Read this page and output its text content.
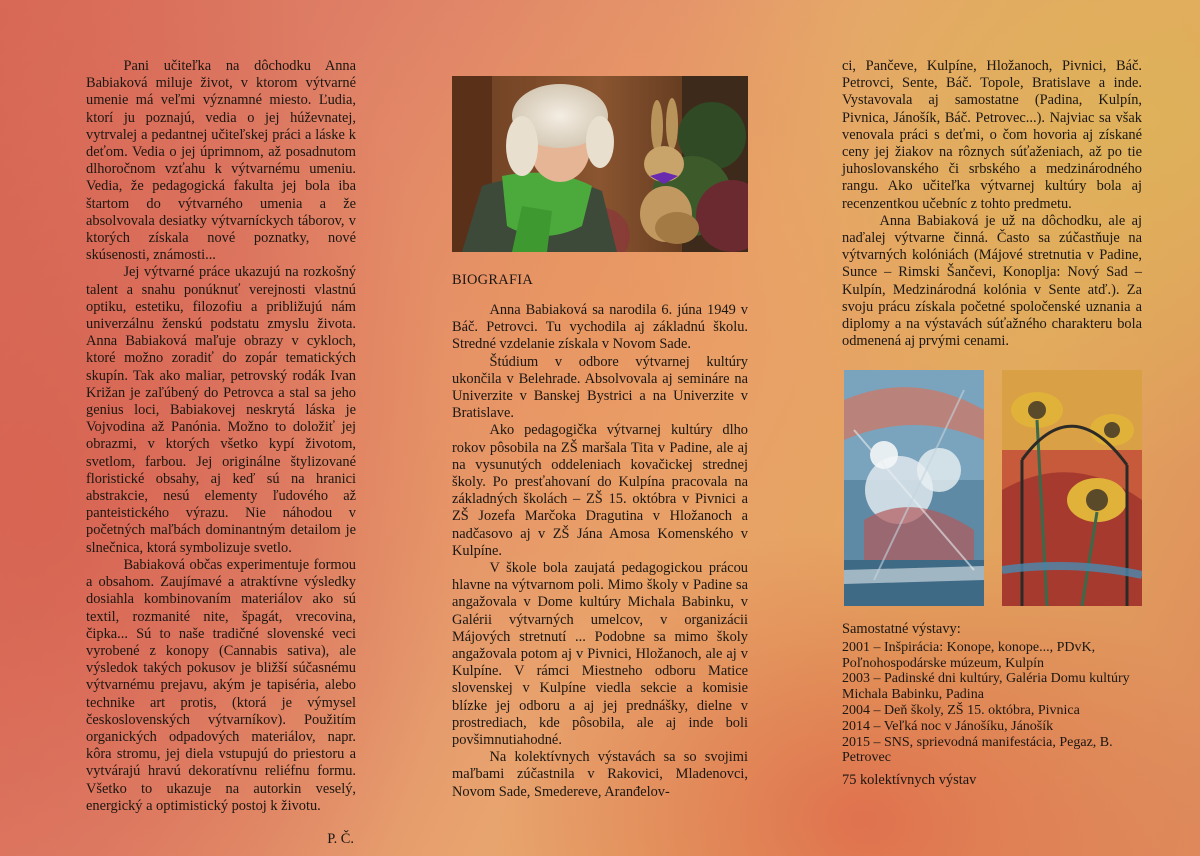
Pani učiteľka na dôchodku Anna Babiaková miluje život, v ktorom výtvarné umenie má veľmi významné miesto. Ľudia, ktorí ju poznajú, vedia o jej húževnatej, vytrvalej a pedantnej učiteľskej práci a láske k deťom. Vedia o jej úprimnom, až posadnutom dlhoročnom vzťahu k výtvarnému umeniu. Vedia, že pedagogická fakulta jej bola iba štartom do výtvarného umenia a že absolvovala desiatky výtvarníckych táborov, v ktorých získala nové poznatky, nové skúsenosti, známosti...

Jej výtvarné práce ukazujú na rozkošný talent a snahu ponúknuť verejnosti vlastnú optiku, estetiku, filozofiu a približujú nám univerzálnu ženskú podstatu zmyslu života. Anna Babiaková maľuje obrazy v cykloch, ktoré možno zoradiť do zopár tematických skupín. Tak ako maliar, petrovský rodák Ivan Križan je zaľúbený do Petrovca a stal sa jeho genius loci, Babiakovej neskrytá láska je Vojvodina až Panónia. Možno to doložiť jej obrazmi, v ktorých všetko kypí životom, svetlom, farbou. Jej originálne štylizované floristické obsahy, aj keď sú na hranici abstrakcie, nesú elementy ľudového až panteistického výrazu. Nie náhodou v početných maľbách dominantným detailom je slnečnica, ktorá symbolizuje svetlo.

Babiaková občas experimentuje formou a obsahom. Zaujímavé a atraktívne výsledky dosiahla kombinovaním materiálov ako sú textil, rozmanité nite, špagát, vrecovina, čipka... Sú to naše tradičné slovenské veci vyrobené z konopy (Cannabis sativa), ale výsledok takých pokusov je bližší súčasnému výtvarnému prejavu, akým je tapiséria, alebo technike art protis, (ktorá je výmysel československých výtvarníkov). Použitím organických odpadových materiálov, napr. kôra stromu, jej diela vstupujú do priestoru a vytvárajú hravú dekoratívnu reliéfnu formu. Všetko to ukazuje na autorkin veselý, energický a optimistický postoj k životu.

P. Č.

BIOGRAFIA

Anna Babiaková sa narodila 6. júna 1949 v Báč. Petrovci. Tu vychodila aj základnú školu. Stredné vzdelanie získala v Novom Sade.

Štúdium v odbore výtvarnej kultúry ukončila v Belehrade. Absolvovala aj semináre na Univerzite v Banskej Bystrici a na Univerzite v Bratislave.

Ako pedagogička výtvarnej kultúry dlho rokov pôsobila na ZŠ maršala Tita v Padine, ale aj na vysunutých oddeleniach kovačickej strednej školy. Po presťahovaní do Kulpína pracovala na základných školách – ZŠ 15. októbra v Pivnici a ZŠ Jozefa Marčoka Dragutina v Hložanoch a nadčasovo aj v ZŠ Jána Amosa Komenského v Kulpíne.

V škole bola zaujatá pedagogickou prácou hlavne na výtvarnom poli. Mimo školy v Padine sa angažovala v Dome kultúry Michala Babinku, v Galérii výtvarných umelcov, v organizácii Májových stretnutí ... Podobne sa mimo školy angažovala potom aj v Pivnici, Hložanoch, ale aj v Kulpíne. V rámci Miestneho odboru Matice slovenskej v Kulpíne viedla sekcie a komisie blízke jej odboru a aj jej prednášky, dielne v prostrediach, kde pôsobila, ale aj inde boli povšimnutiahodné.

Na kolektívnych výstavách sa so svojimi maľbami zúčastnila v Rakovici, Mladenovci, Novom Sade, Smedereve, Aranđelov-

ci, Pančeve, Kulpíne, Hložanoch, Pivnici, Báč. Petrovci, Sente, Báč. Topole, Bratislave a inde. Vystavovala aj samostatne (Padina, Kulpín, Pivnica, Jánošík, Báč. Petrovec...). Najviac sa však venovala práci s deťmi, o čom hovoria aj získané ceny jej žiakov na rôznych súťaženiach, až po tie juhoslovanského či srbského a medzinárodného rangu. Ako učiteľka výtvarnej kultúry bola aj recenzentkou učebníc z tohto predmetu.

Anna Babiaková je už na dôchodku, ale aj naďalej výtvarne činná. Často sa zúčastňuje na výtvarných kolóniách (Májové stretnutia v Padine, Sunce – Rimski Šančevi, Konoplja: Nový Sad – Kulpín, Medzinárodná kolónia v Sente atď.). Za svoju prácu získala početné spoločenské uznania a diplomy a na výstavách súťažného charakteru bola odmenená aj prvými cenami.

Samostatné výstavy:
2001 – Inšpirácia: Konope, konope..., PDvK, Poľnohospodárske múzeum, Kulpín
2003 – Padinské dni kultúry, Galéria Domu kultúry Michala Babinku, Padina
2004 – Deň školy, ZŠ 15. októbra, Pivnica
2014 – Veľká noc v Jánošíku, Jánošík
2015 – SNS, sprievodná manifestácia, Pegaz, B. Petrovec
75 kolektívnych výstav
